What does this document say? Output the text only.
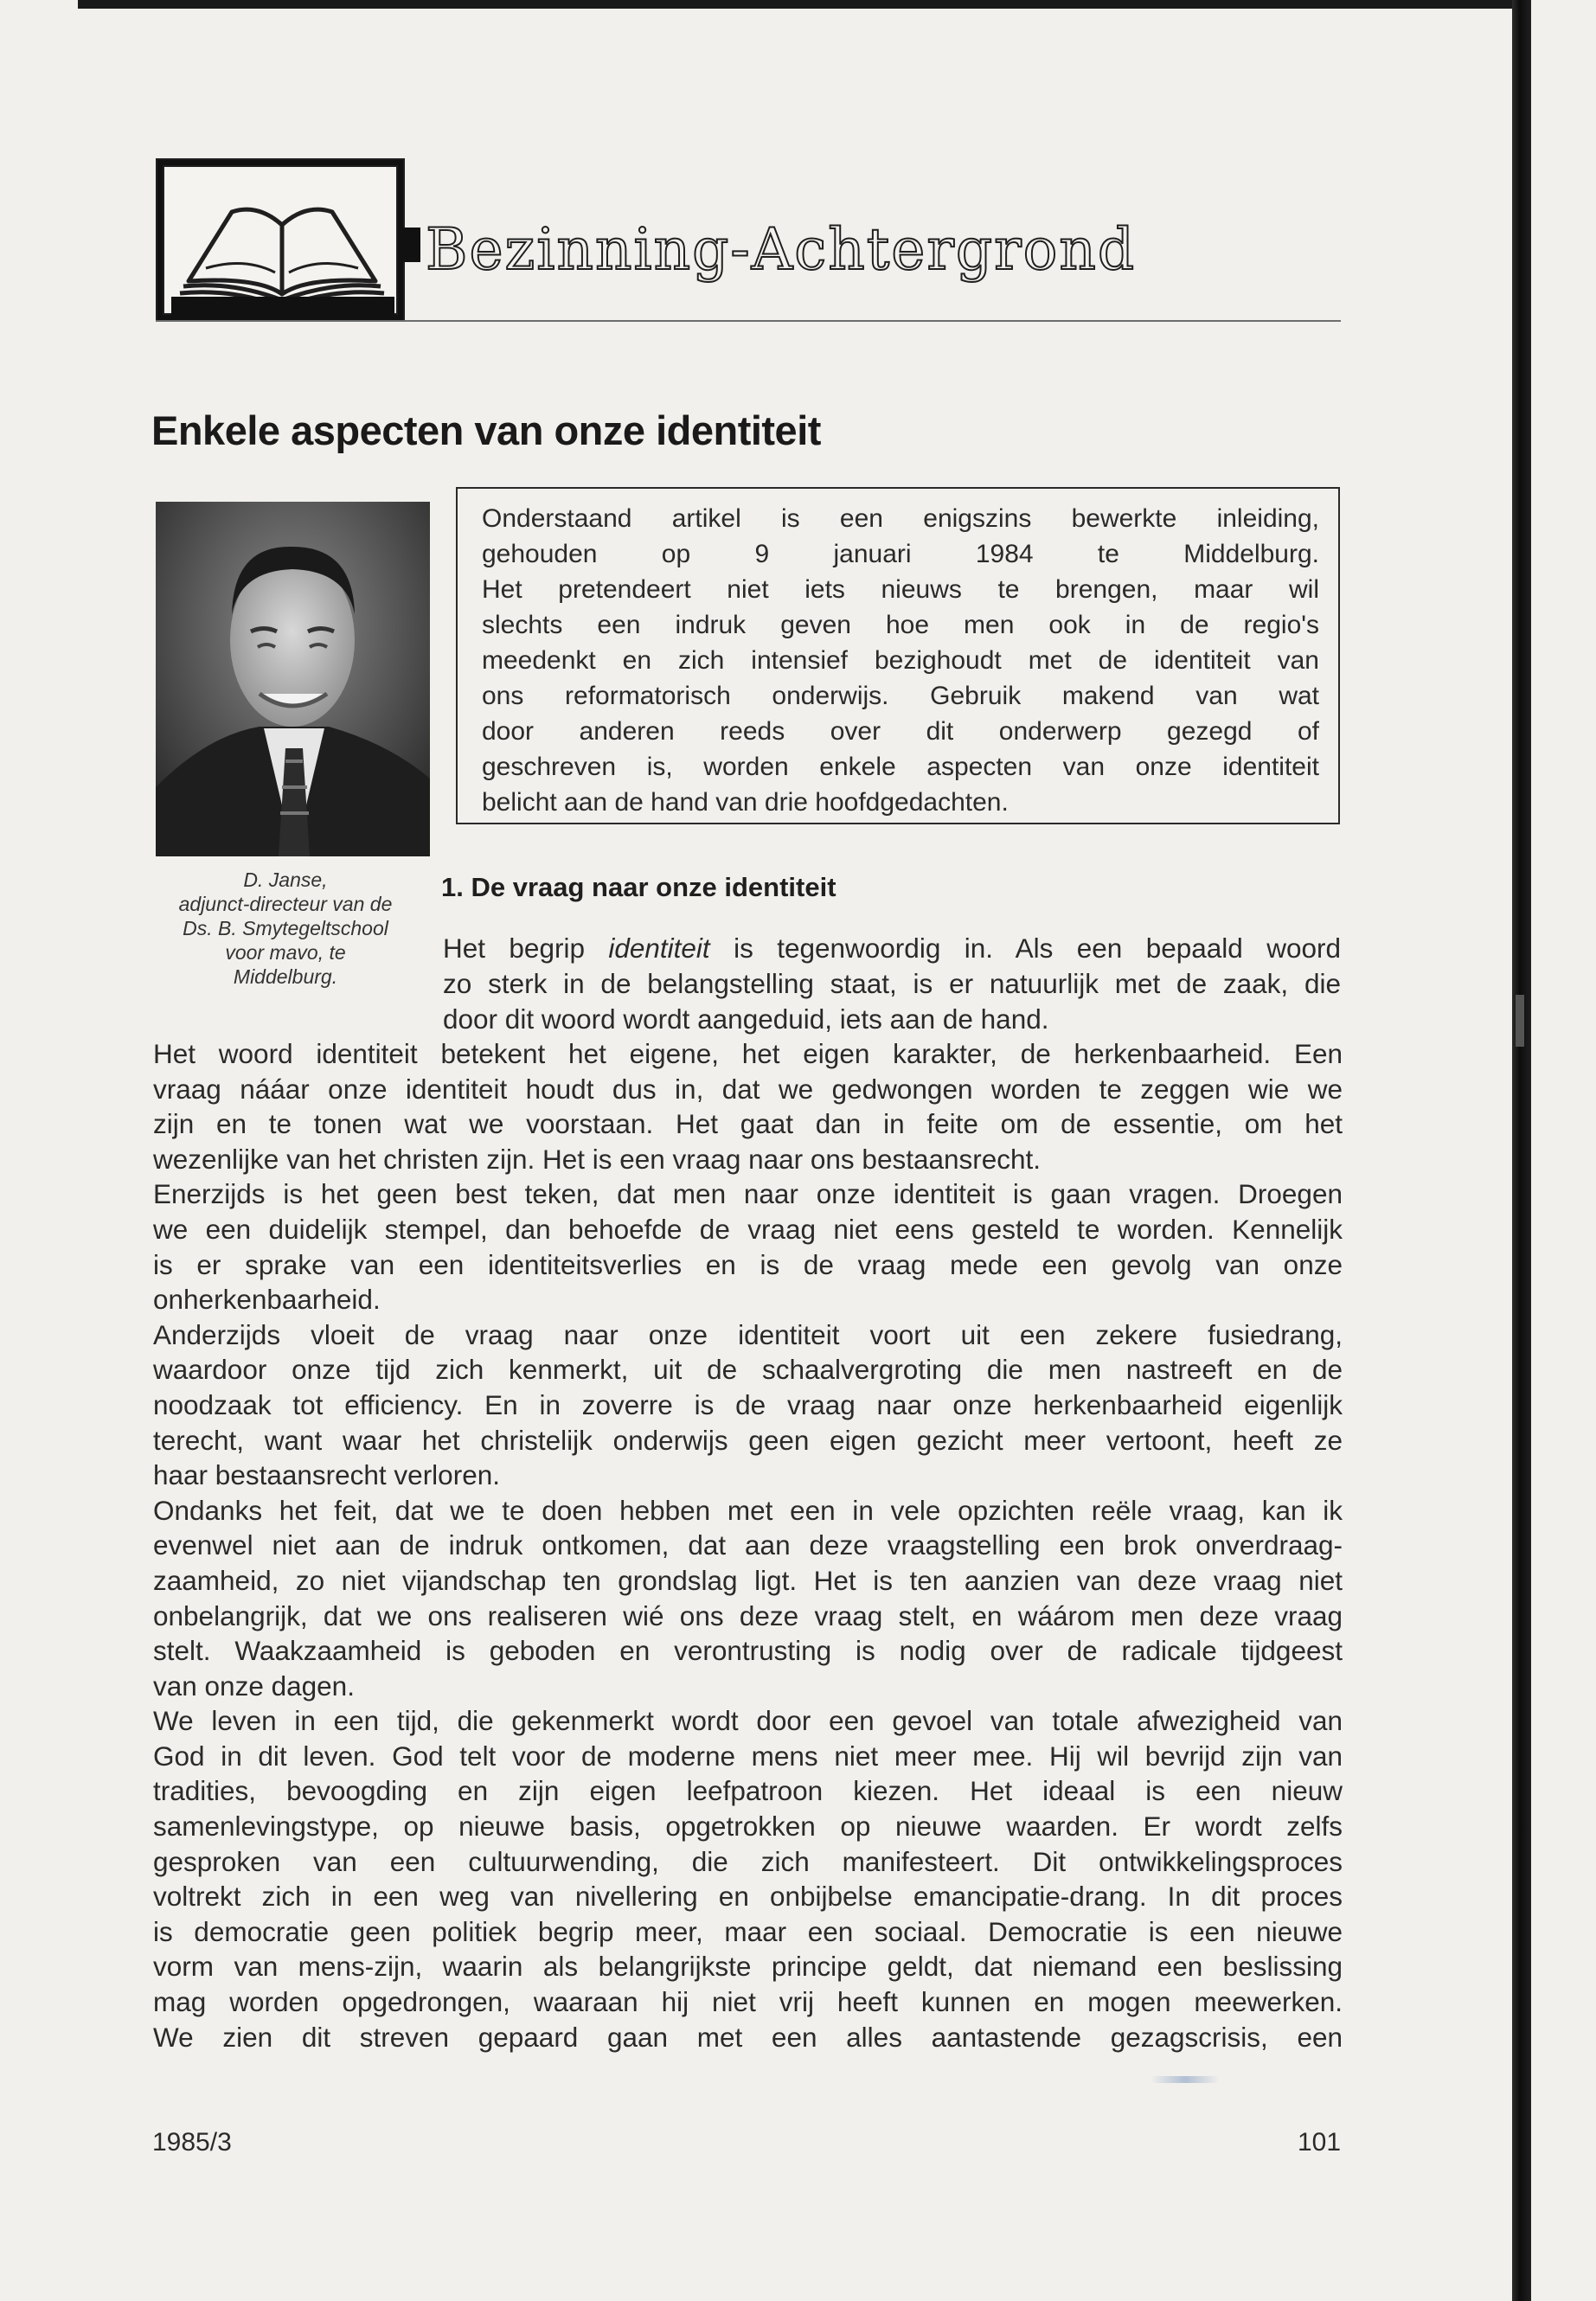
Bezinning-Achtergrond
Enkele aspecten van onze identiteit
Onderstaand artikel is een enigszins bewerkte inleiding,
gehouden op 9 januari 1984 te Middelburg.
Het pretendeert niet iets nieuws te brengen, maar wil
slechts een indruk geven hoe men ook in de regio's
meedenkt en zich intensief bezighoudt met de identiteit van
ons reformatorisch onderwijs. Gebruik makend van wat
door anderen reeds over dit onderwerp gezegd of
geschreven is, worden enkele aspecten van onze identiteit
belicht aan de hand van drie hoofdgedachten.
D. Janse,
adjunct-directeur van de
Ds. B. Smytegeltschool
voor mavo, te
Middelburg.
1. De vraag naar onze identiteit
Het begrip identiteit is tegenwoordig in. Als een bepaald woord
zo sterk in de belangstelling staat, is er natuurlijk met de zaak, die
door dit woord wordt aangeduid, iets aan de hand.
Het woord identiteit betekent het eigene, het eigen karakter, de herkenbaarheid. Een
vraag nááar onze identiteit houdt dus in, dat we gedwongen worden te zeggen wie we
zijn en te tonen wat we voorstaan. Het gaat dan in feite om de essentie, om het
wezenlijke van het christen zijn. Het is een vraag naar ons bestaansrecht.
Enerzijds is het geen best teken, dat men naar onze identiteit is gaan vragen. Droegen
we een duidelijk stempel, dan behoefde de vraag niet eens gesteld te worden. Kennelijk
is er sprake van een identiteitsverlies en is de vraag mede een gevolg van onze
onherkenbaarheid.
Anderzijds vloeit de vraag naar onze identiteit voort uit een zekere fusiedrang,
waardoor onze tijd zich kenmerkt, uit de schaalvergroting die men nastreeft en de
noodzaak tot efficiency. En in zoverre is de vraag naar onze herkenbaarheid eigenlijk
terecht, want waar het christelijk onderwijs geen eigen gezicht meer vertoont, heeft ze
haar bestaansrecht verloren.
Ondanks het feit, dat we te doen hebben met een in vele opzichten reële vraag, kan ik
evenwel niet aan de indruk ontkomen, dat aan deze vraagstelling een brok onverdraag-
zaamheid, zo niet vijandschap ten grondslag ligt. Het is ten aanzien van deze vraag niet
onbelangrijk, dat we ons realiseren wié ons deze vraag stelt, en wáárom men deze vraag
stelt. Waakzaamheid is geboden en verontrusting is nodig over de radicale tijdgeest
van onze dagen.
We leven in een tijd, die gekenmerkt wordt door een gevoel van totale afwezigheid van
God in dit leven. God telt voor de moderne mens niet meer mee. Hij wil bevrijd zijn van
tradities, bevoogding en zijn eigen leefpatroon kiezen. Het ideaal is een nieuw
samenlevingstype, op nieuwe basis, opgetrokken op nieuwe waarden. Er wordt zelfs
gesproken van een cultuurwending, die zich manifesteert. Dit ontwikkelingsproces
voltrekt zich in een weg van nivellering en onbijbelse emancipatie-drang. In dit proces
is democratie geen politiek begrip meer, maar een sociaal. Democratie is een nieuwe
vorm van mens-zijn, waarin als belangrijkste principe geldt, dat niemand een beslissing
mag worden opgedrongen, waaraan hij niet vrij heeft kunnen en mogen meewerken.
We zien dit streven gepaard gaan met een alles aantastende gezagscrisis, een
1985/3	101
